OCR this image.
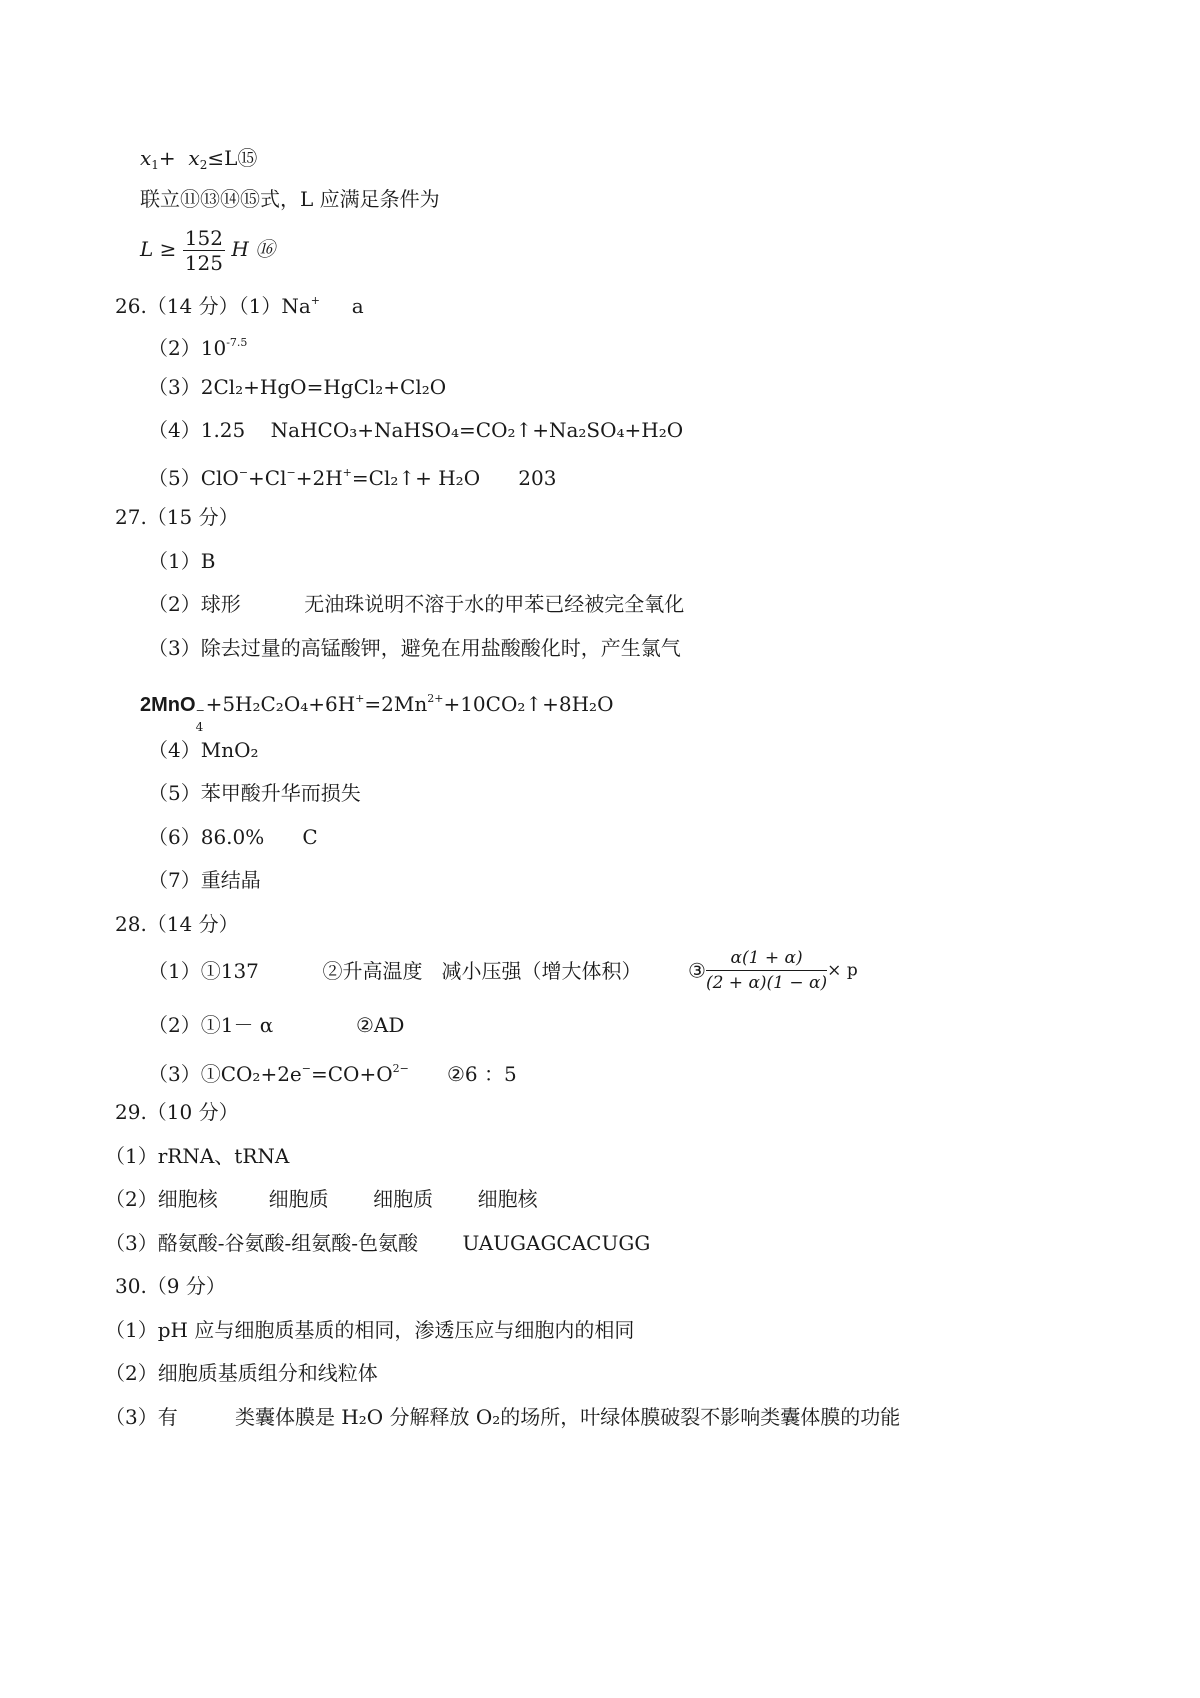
$x_1+$  $x_2\le L⑮$
联立⑪⑬⑭⑮式，L 应满足条件为
$L \ge \frac{152}{125}$ H ⑯
26.（14 分）（1）Na+     a
$(2)10^{-7.5}$
（3）2Cl₂+HgO=HgCl₂+Cl₂O
（4）1.25    NaHCO₃+NaHSO₄=CO₂↑+Na₂SO₄+H₂O
（5）ClO−+Cl−+2H+=Cl₂↑+ H₂O      203
27.（15 分）
（1）B
（2）球形          无油珠说明不溶于水的甲苯已经被完全氧化
（3）除去过量的高锰酸钾，避免在用盐酸酸化时，产生氯气
2MnO −
4
$+5H_2C_2O_4+6H^+=2Mn^{2+}+10CO_2↑+8H_2O$
（4）MnO₂
（5）苯甲酸升华而损失
（6）86.0%      C
（7）重结晶
28.（14 分）
（1）①137          ②升高温度   减小压强（增大体积） ③ $\frac{\alpha(1 + \alpha)}{(2 + \alpha)(1 - \alpha)} \times p$
（2）①1－ α             ②AD
$(3)①CO_2+2e^-=CO+O^{2-}$      ②6 ：5
29.（10 分）
（1）rRNA、tRNA
（2）细胞核        细胞质       细胞质       细胞核
（3）酪氨酸-谷氨酸-组氨酸-色氨酸       UAUGAGCACUGG
30.（9 分）
（1）pH 应与细胞质基质的相同，渗透压应与细胞内的相同
（2）细胞质基质组分和线粒体
（3）有         类囊体膜是 H₂O 分解释放 O₂的场所，叶绿体膜破裂不影响类囊体膜的功能
